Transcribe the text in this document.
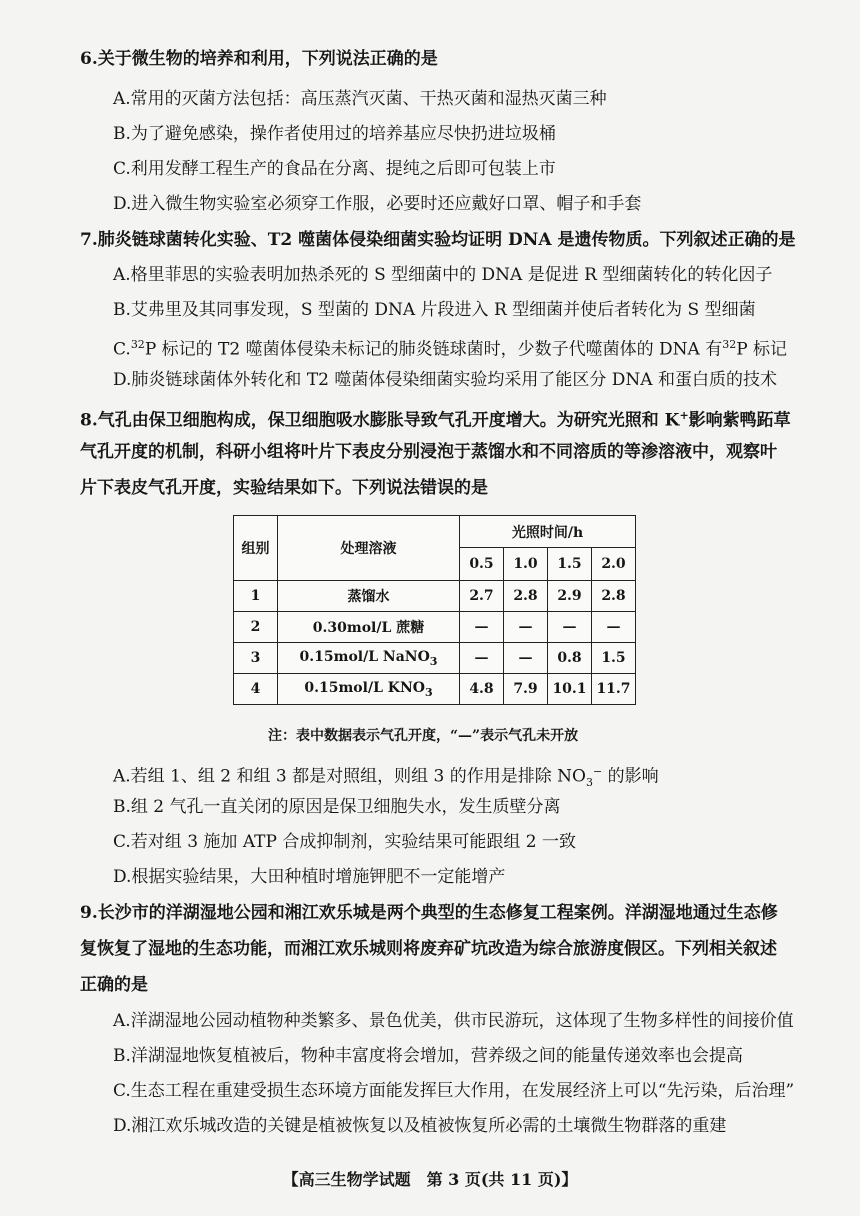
6.关于微生物的培养和利用，下列说法正确的是
A.常用的灭菌方法包括：高压蒸汽灭菌、干热灭菌和湿热灭菌三种
B.为了避免感染，操作者使用过的培养基应尽快扔进垃圾桶
C.利用发酵工程生产的食品在分离、提纯之后即可包装上市
D.进入微生物实验室必须穿工作服，必要时还应戴好口罩、帽子和手套
7.肺炎链球菌转化实验、T2 噬菌体侵染细菌实验均证明 DNA 是遗传物质。下列叙述正确的是
A.格里菲思的实验表明加热杀死的 S 型细菌中的 DNA 是促进 R 型细菌转化的转化因子
B.艾弗里及其同事发现，S 型菌的 DNA 片段进入 R 型细菌并使后者转化为 S 型细菌
C.$^{32}$P 标记的 T2 噬菌体侵染未标记的肺炎链球菌时，少数子代噬菌体的 DNA 有$^{32}$P 标记
D.肺炎链球菌体外转化和 T2 噬菌体侵染细菌实验均采用了能区分 DNA 和蛋白质的技术
8.气孔由保卫细胞构成，保卫细胞吸水膨胀导致气孔开度增大。为研究光照和 K+影响紫鸭跖草
气孔开度的机制，科研小组将叶片下表皮分别浸泡于蒸馏水和不同溶质的等渗溶液中，观察叶
片下表皮气孔开度，实验结果如下。下列说法错误的是
组别	处理溶液	光照时间/h			
		0.5	1.0	1.5	2.0
1	蒸馏水	2.7	2.8	2.9	2.8
2	0.30mol/L 蔗糖	—	—	—	—
3	0.15mol/L NaNO$_3$	—	—	0.8	1.5
4	0.15mol/L $KNO_3$	4.8	7.9	10.1	11.7
注：表中数据表示气孔开度，“—”表示气孔未开放
A.若组 1、组 2 和组 3 都是对照组，则组 3 的作用是排除 $NO_3^-$ 的影响
B.组 2 气孔一直关闭的原因是保卫细胞失水，发生质壁分离
C.若对组 3 施加 ATP 合成抑制剂，实验结果可能跟组 2 一致
D.根据实验结果，大田种植时增施钾肥不一定能增产
9.长沙市的洋湖湿地公园和湘江欢乐城是两个典型的生态修复工程案例。洋湖湿地通过生态修
复恢复了湿地的生态功能，而湘江欢乐城则将废弃矿坑改造为综合旅游度假区。下列相关叙述
正确的是
A.洋湖湿地公园动植物种类繁多、景色优美，供市民游玩，这体现了生物多样性的间接价值
B.洋湖湿地恢复植被后，物种丰富度将会增加，营养级之间的能量传递效率也会提高
C.生态工程在重建受损生态环境方面能发挥巨大作用，在发展经济上可以“先污染，后治理”
D.湘江欢乐城改造的关键是植被恢复以及植被恢复所必需的土壤微生物群落的重建
【高三生物学试题　第 3 页(共 11 页)】
